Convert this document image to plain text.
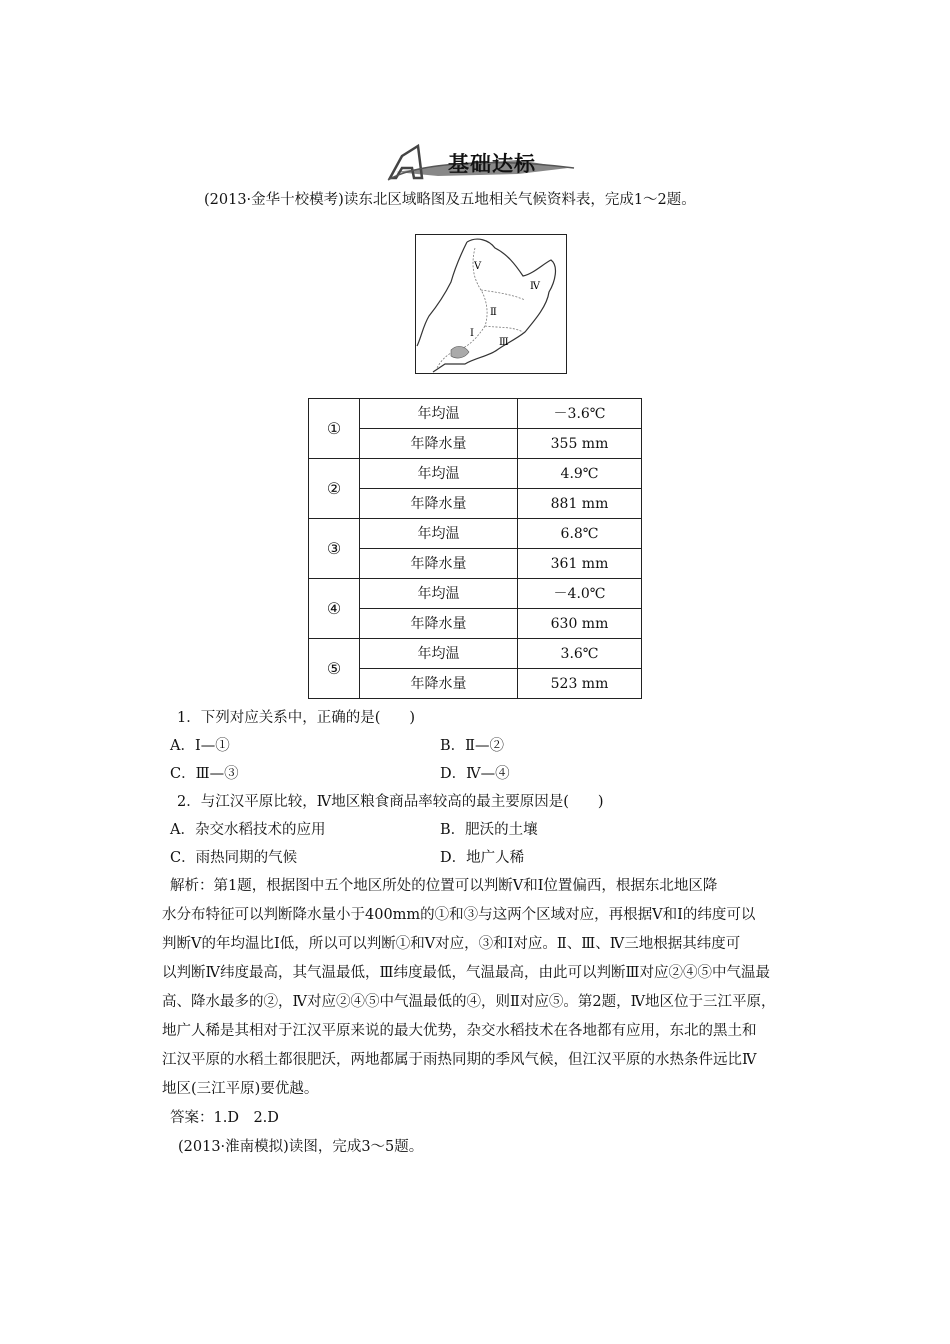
基础达标
(2013·金华十校模考)读东北区域略图及五地相关气候资料表，完成1～2题。
Ⅴ
Ⅳ
Ⅱ
Ⅰ
Ⅲ
①	年均温	－3.6℃
	年降水量	355 mm
②	年均温	4.9℃
	年降水量	881 mm
③	年均温	6.8℃
	年降水量	361 mm
④	年均温	－4.0℃
	年降水量	630 mm
⑤	年均温	3.6℃
	年降水量	523 mm
1．下列对应关系中，正确的是(　　)
A．Ⅰ—①	B．Ⅱ—②
C．Ⅲ—③	D．Ⅳ—④
2．与江汉平原比较，Ⅳ地区粮食商品率较高的最主要原因是(　　)
A．杂交水稻技术的应用	B．肥沃的土壤
C．雨热同期的气候	D．地广人稀
解析：第1题，根据图中五个地区所处的位置可以判断Ⅴ和Ⅰ位置偏西，根据东北地区降
水分布特征可以判断降水量小于400mm的①和③与这两个区域对应，再根据Ⅴ和Ⅰ的纬度可以
判断Ⅴ的年均温比Ⅰ低，所以可以判断①和Ⅴ对应，③和Ⅰ对应。Ⅱ、Ⅲ、Ⅳ三地根据其纬度可
以判断Ⅳ纬度最高，其气温最低，Ⅲ纬度最低，气温最高，由此可以判断Ⅲ对应②④⑤中气温最
高、降水最多的②，Ⅳ对应②④⑤中气温最低的④，则Ⅱ对应⑤。第2题，Ⅳ地区位于三江平原，
地广人稀是其相对于江汉平原来说的最大优势，杂交水稻技术在各地都有应用，东北的黑土和
江汉平原的水稻土都很肥沃，两地都属于雨热同期的季风气候，但江汉平原的水热条件远比Ⅳ
地区(三江平原)要优越。
答案：1.D　2.D
(2013·淮南模拟)读图，完成3～5题。
